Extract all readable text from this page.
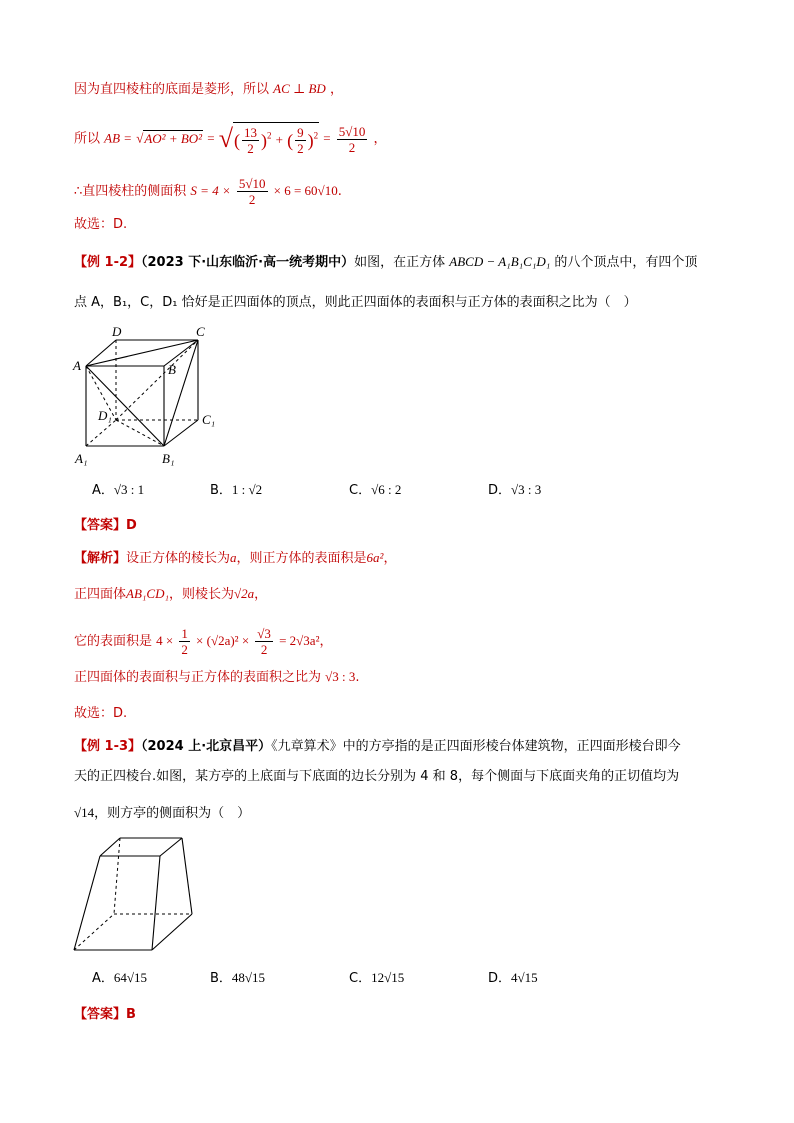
因为直四棱柱的底面是菱形，所以 AC ⊥ BD ，
所以 AB = √AO² + BO² = √( $\frac{13}{2} )^2$ + ( $\frac{9}{2} )^2 = \frac{5√10}{2}$ ，
∴直四棱柱的侧面积 $S = 4 \times \frac{5√10}{2} \times 6 = 60√10$.
故选：D.
【例 1-2】（2023 下·山东临沂·高一统考期中）如图，在正方体 ABCD − A₁B₁C₁D₁ 的八个顶点中，有四个顶
点 A，B₁，C，D₁ 恰好是正四面体的顶点，则此正四面体的表面积与正方体的表面积之比为（　）
D	C
A	B
D₁	C₁
A₁	B₁
A．√3 : 1	B．1 : √2	C．√6 : 2	D．√3 : 3
【答案】D
【解析】设正方体的棱长为a，则正方体的表面积是6a²，
正四面体AB₁CD₁，则棱长为√2a，
它的表面积是 $4 \times \frac{1}{2} \times (√2a)^2 \times \frac{√3}{2} = 2√3a^2$，
正四面体的表面积与正方体的表面积之比为 √3 : 3.
故选：D.
【例 1-3】（2024 上·北京昌平）《九章算术》中的方亭指的是正四面形棱台体建筑物，正四面形棱台即今
天的正四棱台.如图，某方亭的上底面与下底面的边长分别为 4 和 8，每个侧面与下底面夹角的正切值均为
√14，则方亭的侧面积为（　）
A．64√15	B．48√15	C．12√15	D．4√15
【答案】B
